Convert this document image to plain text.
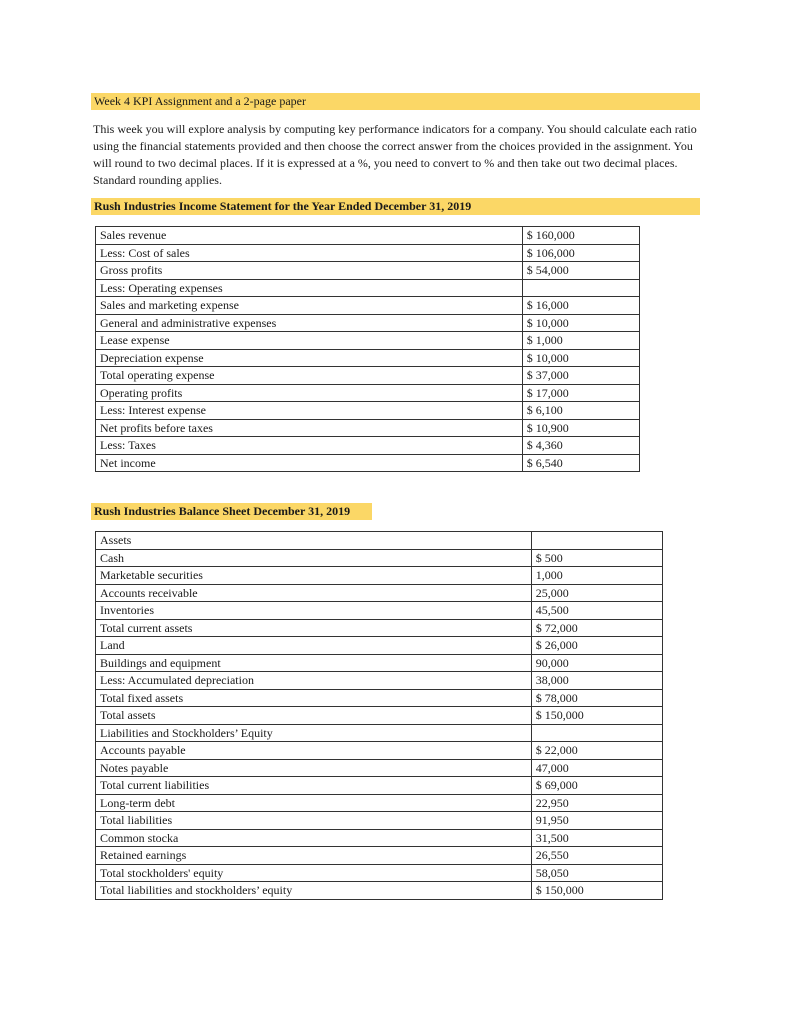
Week 4 KPI Assignment and a 2-page paper

This week you will explore analysis by computing key performance indicators for a company. You should calculate each ratio using the financial statements provided and then choose the correct answer from the choices provided in the assignment. You will round to two decimal places. If it is expressed at a %, you need to convert to % and then take out two decimal places. Standard rounding applies.

Rush Industries Income Statement for the Year Ended December 31, 2019
Sales revenue	$ 160,000
Less: Cost of sales	$ 106,000
Gross profits	$ 54,000
Less: Operating expenses	
Sales and marketing expense	$ 16,000
General and administrative expenses	$ 10,000
Lease expense	$ 1,000
Depreciation expense	$ 10,000
Total operating expense	$ 37,000
Operating profits	$ 17,000
Less: Interest expense	$ 6,100
Net profits before taxes	$ 10,900
Less: Taxes	$ 4,360
Net income	$ 6,540
Rush Industries Balance Sheet December 31, 2019
Assets	
Cash	$ 500
Marketable securities	1,000
Accounts receivable	25,000
Inventories	45,500
Total current assets	$ 72,000
Land	$ 26,000
Buildings and equipment	90,000
Less: Accumulated depreciation	38,000
Total fixed assets	$ 78,000
Total assets	$ 150,000
Liabilities and Stockholders’ Equity	
Accounts payable	$ 22,000
Notes payable	47,000
Total current liabilities	$ 69,000
Long-term debt	22,950
Total liabilities	91,950
Common stocka	31,500
Retained earnings	26,550
Total stockholders' equity	58,050
Total liabilities and stockholders’ equity	$ 150,000
